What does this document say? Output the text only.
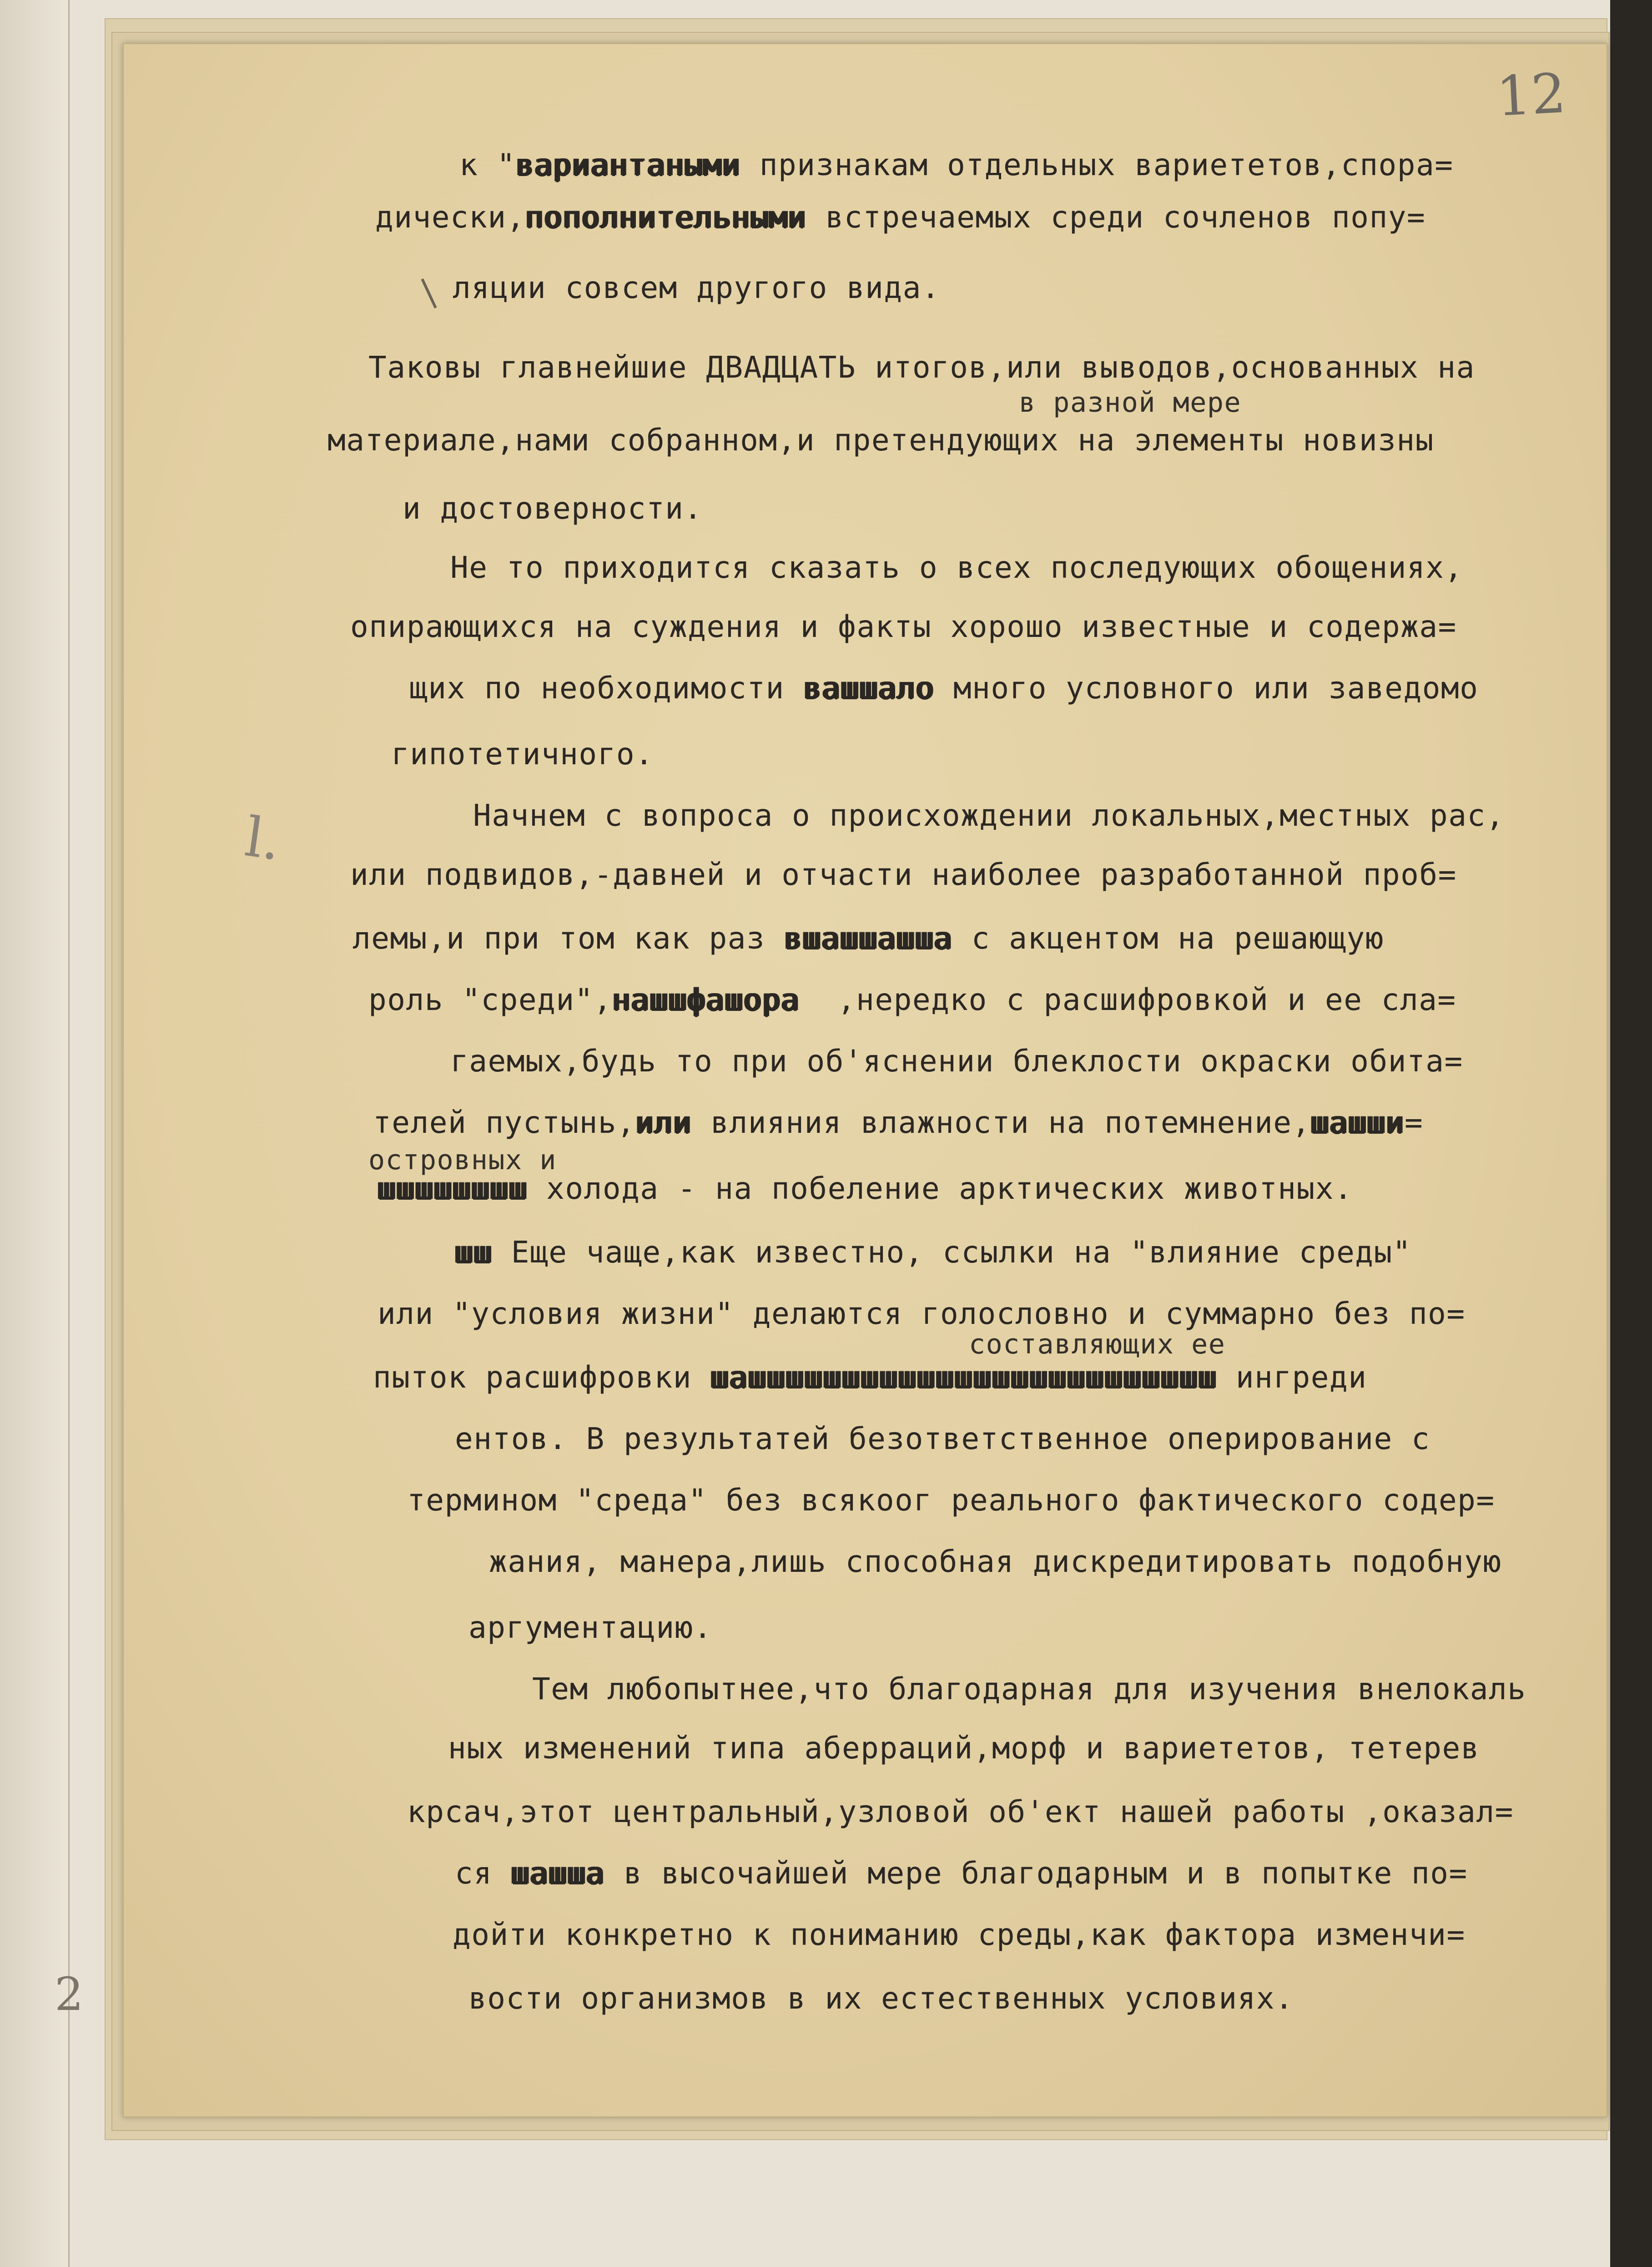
12
l.
2
к "вариантаными признакам отдельных вариететов,спора=
дически,пополнительными встречаемых среди сочленов попу=
ляции совсем другого вида.
Таковы главнейшие ДВАДЦАТЬ итогов,или выводов,основанных на
в разной мере
материале,нами собранном,и претендующих на элементы новизны
и достоверности.
Не то приходится сказать о всех последующих обощениях,
опирающихся на суждения и факты хорошо известные и содержа=
щих по необходимости вашшало много условного или заведомо
гипотетичного.
Начнем с вопроса о происхождении локальных,местных рас,
или подвидов,-давней и отчасти наиболее разработанной проб=
лемы,и при том как раз вшашшашша с акцентом на решающую
роль "среди",нашшфашора  ,нередко с расшифровкой и ее сла=
гаемых,будь то при об'яснении блеклости окраски обита=
телей пустынь,или влияния влажности на потемнение,шашши=
островных и
шшшшшшшш холода - на побеление арктических животных.
шш Еще чаще,как известно, ссылки на "влияние среды"
или "условия жизни" делаются голословно и суммарно без по=
составляющих ее
пыток расшифровки шашшшшшшшшшшшшшшшшшшшшшшшшш ингреди
ентов. В результатей безответственное оперирование с
термином "среда" без всякоог реального фактического содер=
жания, манера,лишь способная дискредитировать подобную
аргументацию.
Тем любопытнее,что благодарная для изучения внелокаль
ных изменений типа аберраций,морф и вариететов, тетерев
крсач,этот центральный,узловой об'ект нашей работы ,оказал=
ся шашша в высочайшей мере благодарным и в попытке по=
дойти конкретно к пониманию среды,как фактора изменчи=
вости организмов в их естественных условиях.
